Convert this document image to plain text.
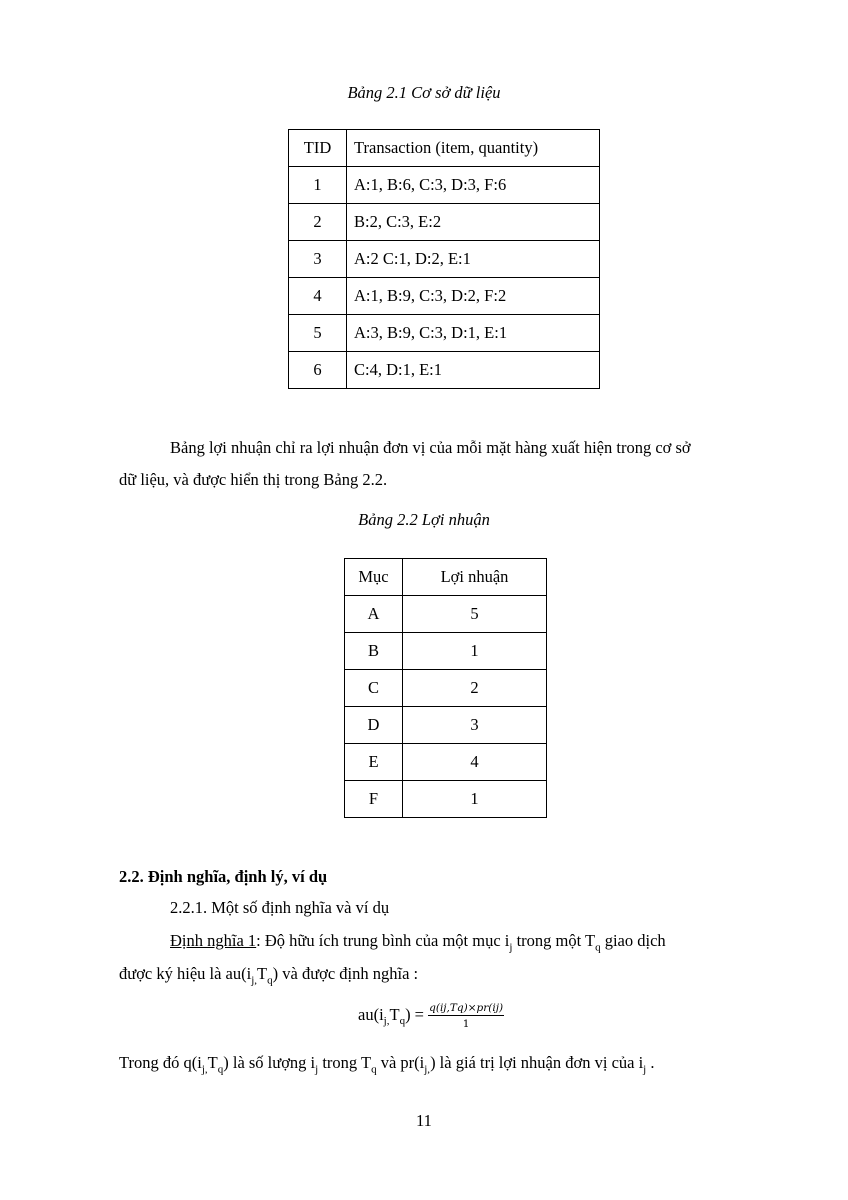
Bảng 2.1 Cơ sở dữ liệu
TID	Transaction (item, quantity)
1	A:1, B:6, C:3, D:3, F:6
2	B:2, C:3, E:2
3	A:2 C:1, D:2, E:1
4	A:1, B:9, C:3, D:2, F:2
5	A:3, B:9, C:3, D:1, E:1
6	C:4, D:1, E:1
Bảng lợi nhuận chỉ ra lợi nhuận đơn vị của mỗi mặt hàng xuất hiện trong cơ sở
dữ liệu, và được hiển thị trong Bảng 2.2.
Bảng 2.2 Lợi nhuận
Mục	Lợi nhuận
A	5
B	1
C	2
D	3
E	4
F	1
2.2. Định nghĩa, định lý, ví dụ
2.2.1. Một số định nghĩa và ví dụ
Định nghĩa 1: Độ hữu ích trung bình của một mục $i_j$ trong một $T_q$ giao dịch
được ký hiệu là $au(i_{j,}T_q)$ và được định nghĩa :
$au(i_{j,}T_q) = \frac{q(ij,Tq)\times pr(ij)}{1}$
Trong đó $q(i_{j,}T_q)$ là số lượng $i_j$ trong $T_q$ và $pr(i_{j,})$ là giá trị lợi nhuận đơn vị của $i_j$ .
11
